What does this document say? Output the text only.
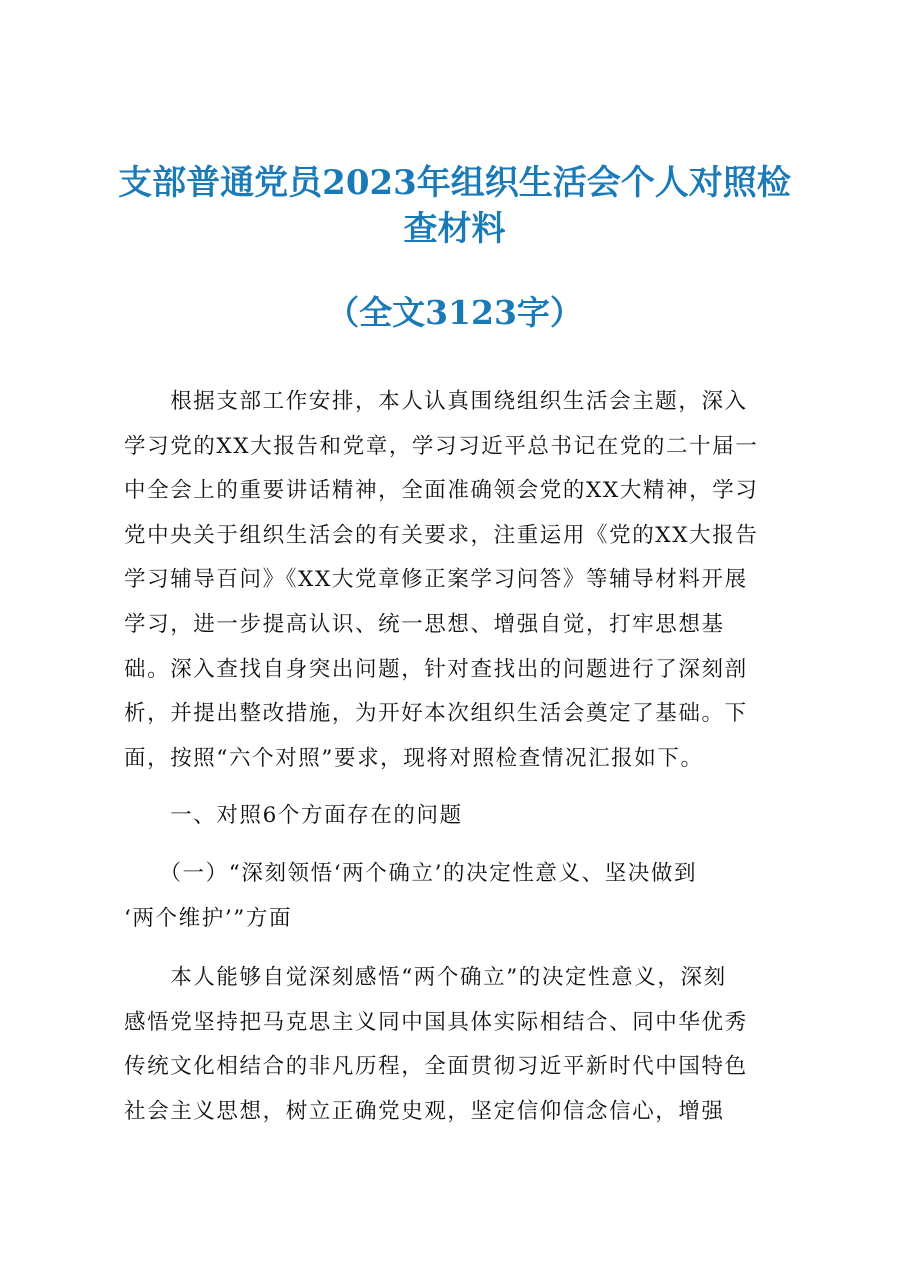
支部普通党员2023年组织生活会个人对照检
查材料
（全文3123字）
　　根据支部工作安排，本人认真围绕组织生活会主题，深入
学习党的XX大报告和党章，学习习近平总书记在党的二十届一
中全会上的重要讲话精神，全面准确领会党的XX大精神，学习
党中央关于组织生活会的有关要求，注重运用《党的XX大报告
学习辅导百问》《XX大党章修正案学习问答》等辅导材料开展
学习，进一步提高认识、统一思想、增强自觉，打牢思想基
础。深入查找自身突出问题，针对查找出的问题进行了深刻剖
析，并提出整改措施，为开好本次组织生活会奠定了基础。下
面，按照“六个对照”要求，现将对照检查情况汇报如下。
　　一、对照6个方面存在的问题
　　（一）“深刻领悟‘两个确立’的决定性意义、坚决做到
‘两个维护’”方面
　　本人能够自觉深刻感悟“两个确立”的决定性意义，深刻
感悟党坚持把马克思主义同中国具体实际相结合、同中华优秀
传统文化相结合的非凡历程，全面贯彻习近平新时代中国特色
社会主义思想，树立正确党史观，坚定信仰信念信心，增强
